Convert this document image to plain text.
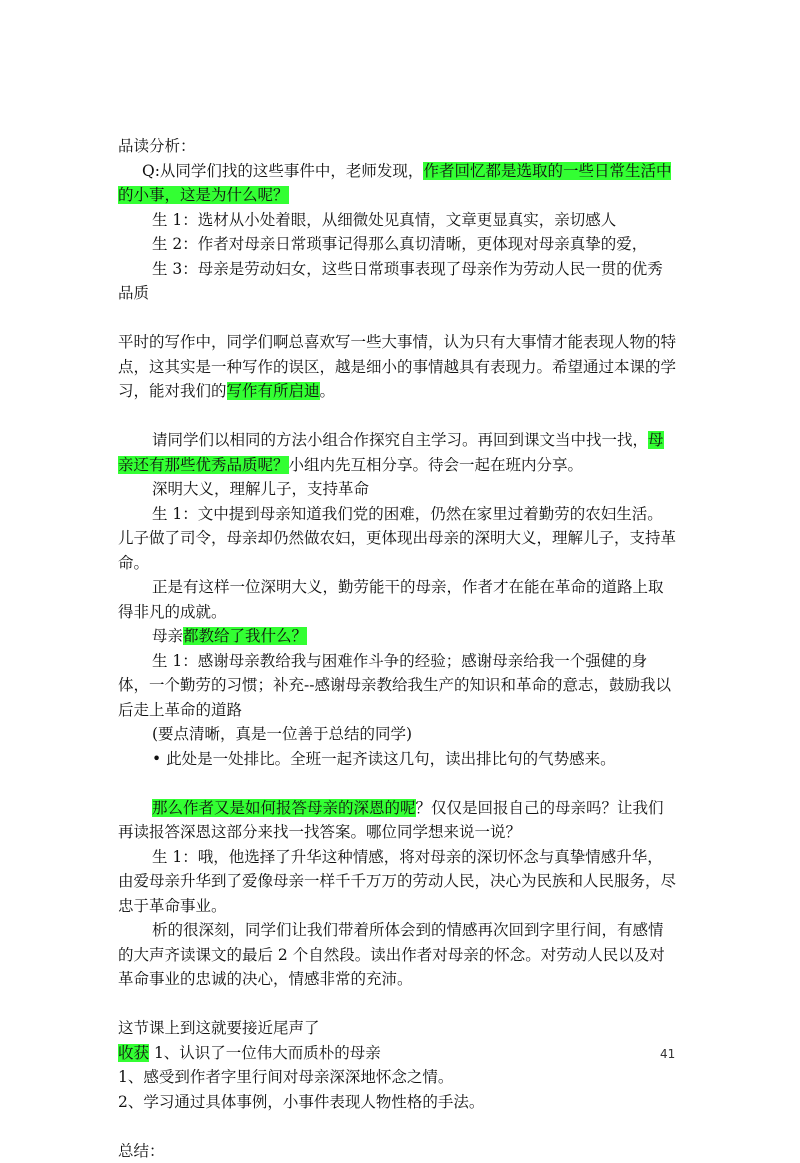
品读分析：

Q:从同学们找的这些事件中，老师发现，作者回忆都是选取的一些日常生活中的小事，这是为什么呢？

生 1：选材从小处着眼，从细微处见真情，文章更显真实，亲切感人

生 2：作者对母亲日常琐事记得那么真切清晰，更体现对母亲真挚的爱，

生 3：母亲是劳动妇女，这些日常琐事表现了母亲作为劳动人民一贯的优秀品质

平时的写作中，同学们啊总喜欢写一些大事情，认为只有大事情才能表现人物的特点，这其实是一种写作的误区，越是细小的事情越具有表现力。希望通过本课的学习，能对我们的写作有所启迪。

请同学们以相同的方法小组合作探究自主学习。再回到课文当中找一找，母亲还有那些优秀品质呢？小组内先互相分享。待会一起在班内分享。

深明大义，理解儿子，支持革命

生 1：文中提到母亲知道我们党的困难，仍然在家里过着勤劳的农妇生活。儿子做了司令，母亲却仍然做农妇，更体现出母亲的深明大义，理解儿子，支持革命。

正是有这样一位深明大义，勤劳能干的母亲，作者才在能在革命的道路上取得非凡的成就。

母亲都教给了我什么？

生 1：感谢母亲教给我与困难作斗争的经验；感谢母亲给我一个强健的身体，一个勤劳的习惯；补充--感谢母亲教给我生产的知识和革命的意志，鼓励我以后走上革命的道路

(要点清晰，真是一位善于总结的同学)

• 此处是一处排比。全班一起齐读这几句，读出排比句的气势感来。

那么作者又是如何报答母亲的深恩的呢？仅仅是回报自己的母亲吗？让我们再读报答深恩这部分来找一找答案。哪位同学想来说一说？

生 1：哦，他选择了升华这种情感，将对母亲的深切怀念与真挚情感升华，由爱母亲升华到了爱像母亲一样千千万万的劳动人民，决心为民族和人民服务，尽忠于革命事业。

析的很深刻，同学们让我们带着所体会到的情感再次回到字里行间，有感情的大声齐读课文的最后 2 个自然段。读出作者对母亲的怀念。对劳动人民以及对革命事业的忠诚的决心，情感非常的充沛。

这节课上到这就要接近尾声了

收获 1、认识了一位伟大而质朴的母亲

1、感受到作者字里行间对母亲深深地怀念之情。

2、学习通过具体事例，小事件表现人物性格的手法。

总结：

41
